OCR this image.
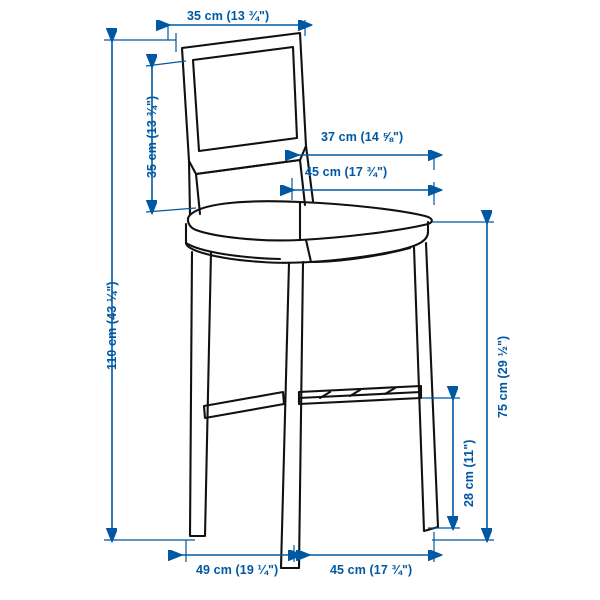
35 cm (13 ¾")
35 cm (13 ¾")	37 cm (14 ⅝")
45 cm (17 ¾")
110 cm (43 ¼")
75 cm (29 ½")
28 cm (11")
49 cm (19 ¼")	45 cm (17 ¾")
